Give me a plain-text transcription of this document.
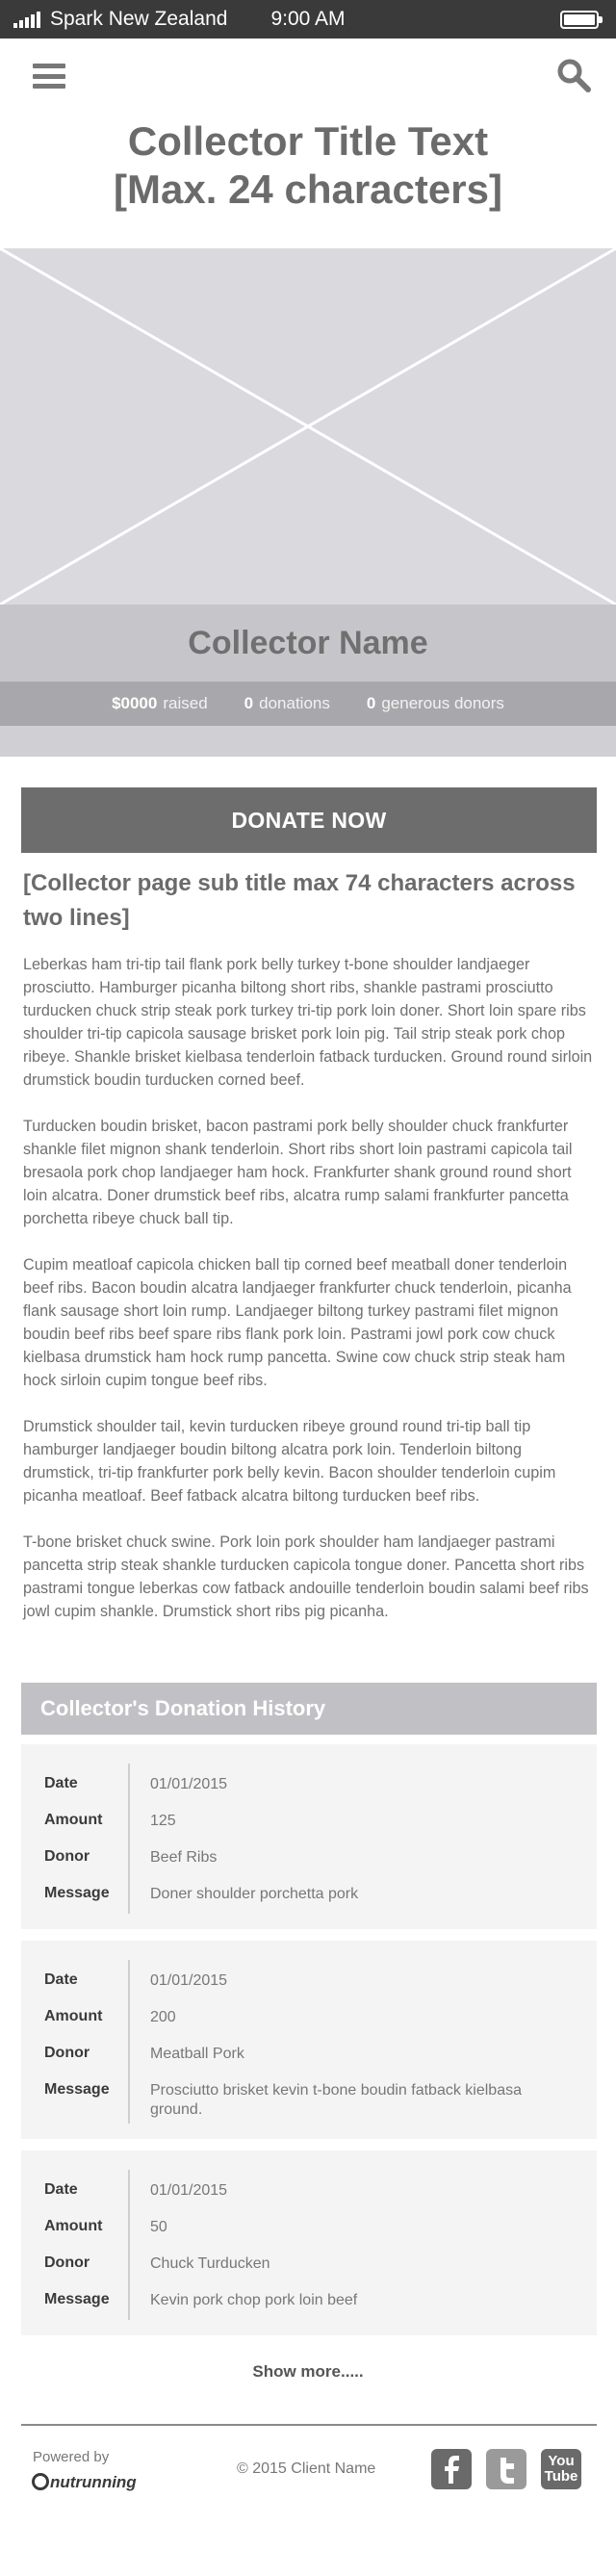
Spark New Zealand	9:00 AM
Collector Title Text
[Max. 24 characters]
Collector Name
$0000 raised 0 donations 0 generous donors
DONATE NOW
[Collector page sub title max 74 characters across two lines]

Leberkas ham tri-tip tail flank pork belly turkey t-bone shoulder landjaeger prosciutto. Hamburger picanha biltong short ribs, shankle pastrami prosciutto turducken chuck strip steak pork turkey tri-tip pork loin doner. Short loin spare ribs shoulder tri-tip capicola sausage brisket pork loin pig. Tail strip steak pork chop ribeye. Shankle brisket kielbasa tenderloin fatback turducken. Ground round sirloin drumstick boudin turducken corned beef.

Turducken boudin brisket, bacon pastrami pork belly shoulder chuck frankfurter shankle filet mignon shank tenderloin. Short ribs short loin pastrami capicola tail bresaola pork chop landjaeger ham hock. Frankfurter shank ground round short loin alcatra. Doner drumstick beef ribs, alcatra rump salami frankfurter pancetta porchetta ribeye chuck ball tip.

Cupim meatloaf capicola chicken ball tip corned beef meatball doner tenderloin beef ribs. Bacon boudin alcatra landjaeger frankfurter chuck tenderloin, picanha flank sausage short loin rump. Landjaeger biltong turkey pastrami filet mignon boudin beef ribs beef spare ribs flank pork loin. Pastrami jowl pork cow chuck kielbasa drumstick ham hock rump pancetta. Swine cow chuck strip steak ham hock sirloin cupim tongue beef ribs.

Drumstick shoulder tail, kevin turducken ribeye ground round tri-tip ball tip hamburger landjaeger boudin biltong alcatra pork loin. Tenderloin biltong drumstick, tri-tip frankfurter pork belly kevin. Bacon shoulder tenderloin cupim picanha meatloaf. Beef fatback alcatra biltong turducken beef ribs.

T-bone brisket chuck swine. Pork loin pork shoulder ham landjaeger pastrami pancetta strip steak shankle turducken capicola tongue doner. Pancetta short ribs pastrami tongue leberkas cow fatback andouille tenderloin boudin salami beef ribs jowl cupim shankle. Drumstick short ribs pig picanha.

Collector's Donation History
Date	01/01/2015
Amount	125
Donor	Beef Ribs
Message	Doner shoulder porchetta pork
Date	01/01/2015
Amount	200
Donor	Meatball Pork
Message	Prosciutto brisket kevin t-bone boudin fatback kielbasa ground.
Date	01/01/2015
Amount	50
Donor	Chuck Turducken
Message	Kevin pork chop pork loin beef
Show more.....
Powered by
nutrunning
© 2015 Client Name	You
Tube
